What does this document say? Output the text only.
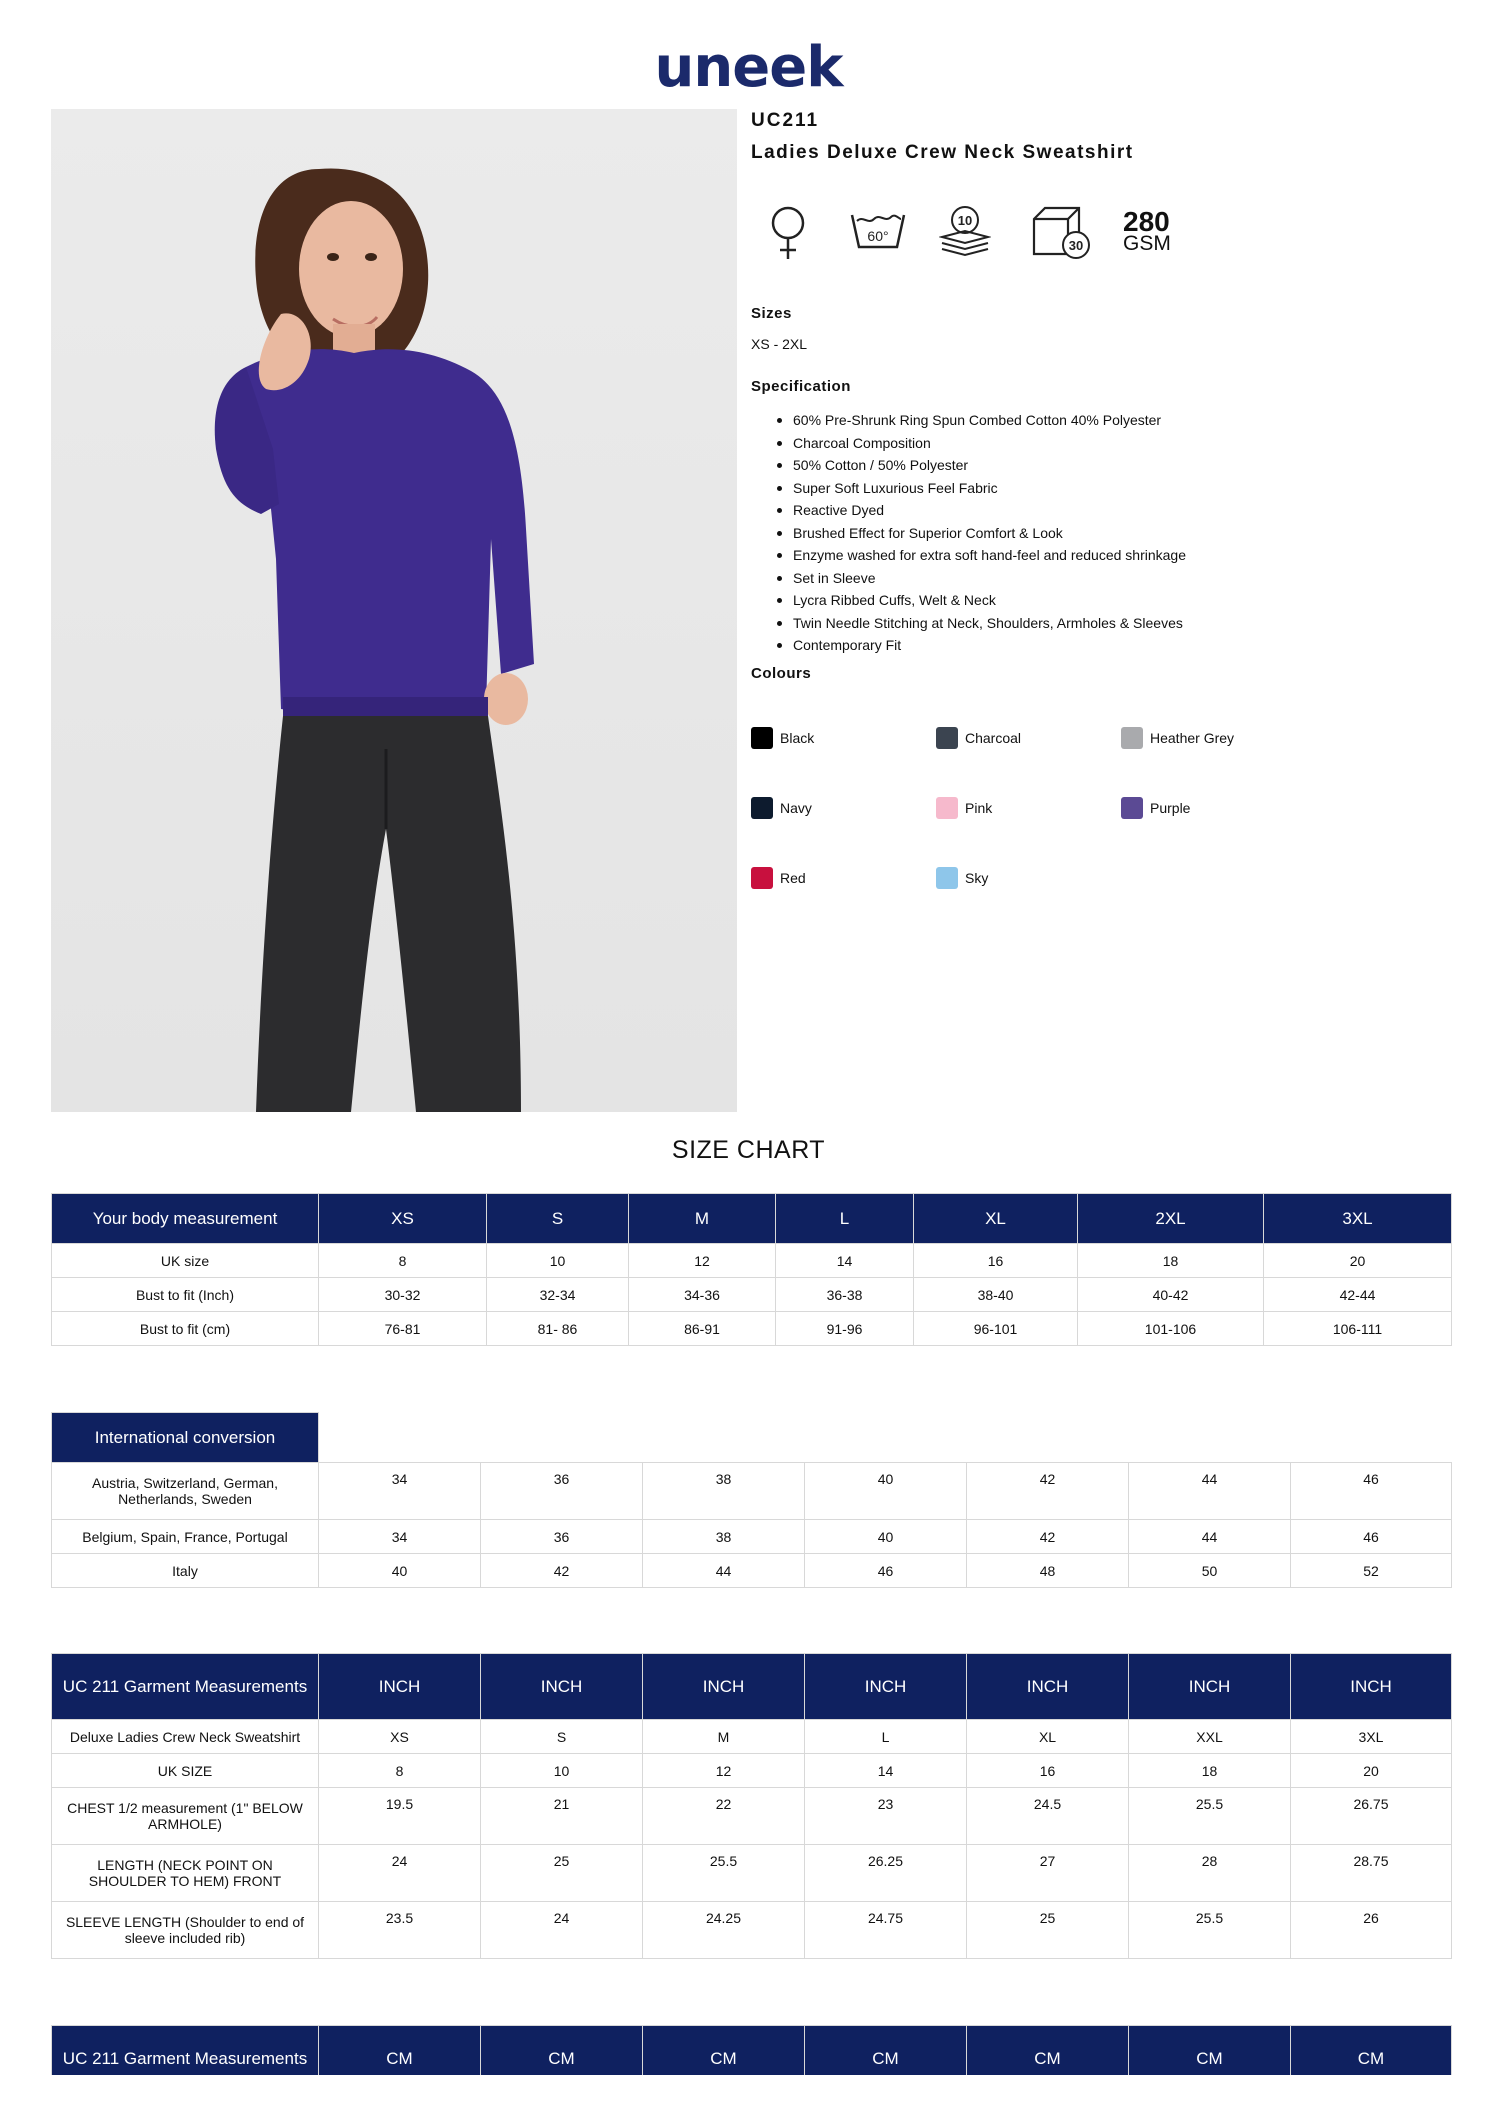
uneek
UC211
Ladies Deluxe Crew Neck Sweatshirt
60°
10
30
280
GSM
Sizes
XS - 2XL
Specification
60% Pre-Shrunk Ring Spun Combed Cotton 40% Polyester
Charcoal Composition
50% Cotton / 50% Polyester
Super Soft Luxurious Feel Fabric
Reactive Dyed
Brushed Effect for Superior Comfort & Look
Enzyme washed for extra soft hand-feel and reduced shrinkage
Set in Sleeve
Lycra Ribbed Cuffs, Welt & Neck
Twin Needle Stitching at Neck, Shoulders, Armholes & Sleeves
Contemporary Fit
Colours
Black	Charcoal	Heather Grey
Navy	Pink	Purple
Red	Sky
SIZE CHART
Your body measurement	XS	S	M	L	XL	2XL	3XL
UK size	8	10	12	14	16	18	20
Bust to fit (Inch)	30-32	32-34	34-36	36-38	38-40	40-42	42-44
Bust to fit (cm)	76-81	81- 86	86-91	91-96	96-101	101-106	106-111
International conversion							
Austria, Switzerland, German, Netherlands, Sweden	34	36	38	40	42	44	46
Belgium, Spain, France, Portugal	34	36	38	40	42	44	46
Italy	40	42	44	46	48	50	52
UC 211 Garment Measurements	INCH	INCH	INCH	INCH	INCH	INCH	INCH
Deluxe Ladies Crew Neck Sweatshirt	XS	S	M	L	XL	XXL	3XL
UK SIZE	8	10	12	14	16	18	20
CHEST 1/2 measurement (1" BELOW ARMHOLE)	19.5	21	22	23	24.5	25.5	26.75
LENGTH (NECK POINT ON SHOULDER TO HEM) FRONT	24	25	25.5	26.25	27	28	28.75
SLEEVE LENGTH (Shoulder to end of sleeve included rib)	23.5	24	24.25	24.75	25	25.5	26
UC 211 Garment Measurements	CM	CM	CM	CM	CM	CM	CM
